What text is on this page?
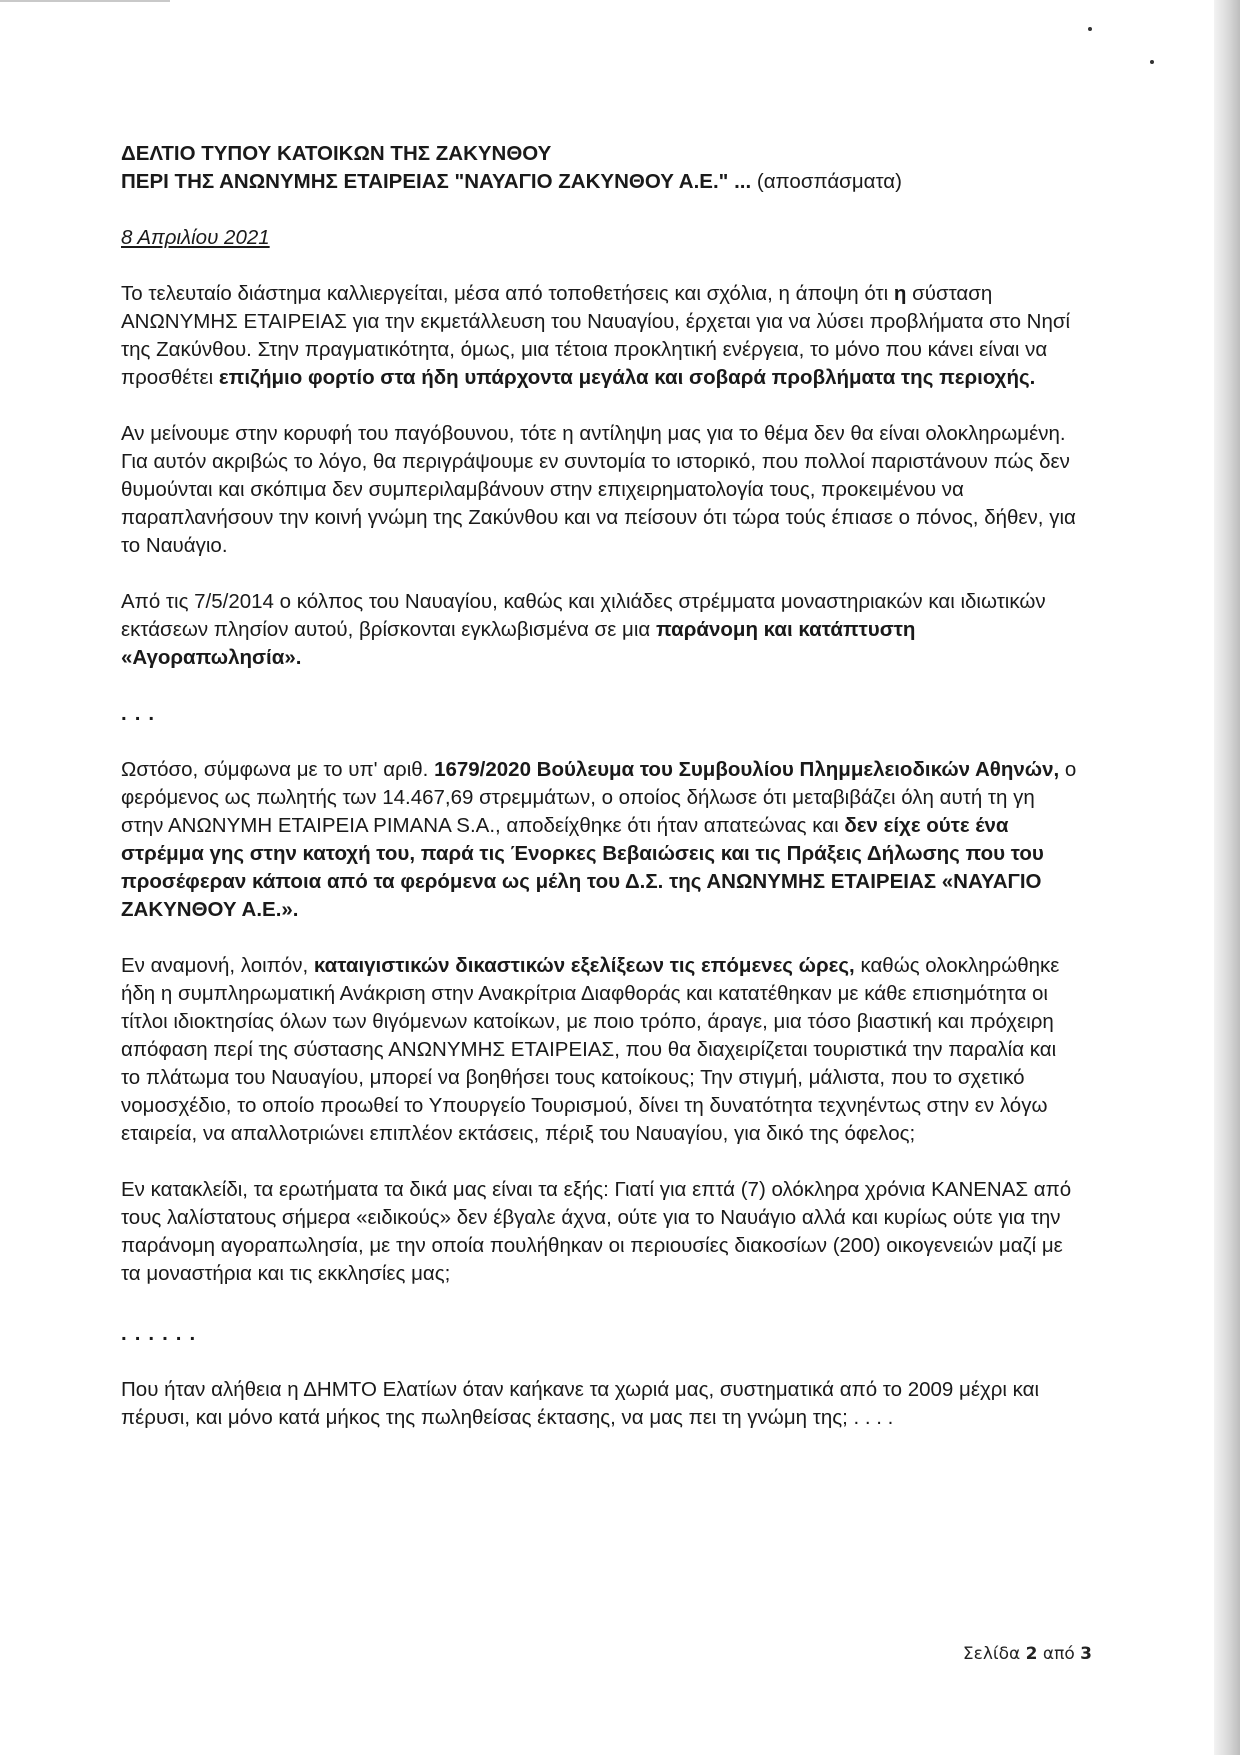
ΔΕΛΤΙΟ ΤΥΠΟΥ ΚΑΤΟΙΚΩΝ ΤΗΣ ΖΑΚΥΝΘΟΥ
ΠΕΡΙ ΤΗΣ ΑΝΩΝΥΜΗΣ ΕΤΑΙΡΕΙΑΣ "ΝΑΥΑΓΙΟ ΖΑΚΥΝΘΟΥ Α.Ε." ... (αποσπάσματα)
8 Απριλίου 2021

Το τελευταίο διάστημα καλλιεργείται, μέσα από τοποθετήσεις και σχόλια, η άποψη ότι η σύσταση ΑΝΩΝΥΜΗΣ ΕΤΑΙΡΕΙΑΣ για την εκμετάλλευση του Ναυαγίου, έρχεται για να λύσει προβλήματα στο Νησί της Ζακύνθου. Στην πραγματικότητα, όμως, μια τέτοια προκλητική ενέργεια, το μόνο που κάνει είναι να προσθέτει επιζήμιο φορτίο στα ήδη υπάρχοντα μεγάλα και σοβαρά προβλήματα της περιοχής.

Αν μείνουμε στην κορυφή του παγόβουνου, τότε η αντίληψη μας για το θέμα δεν θα είναι ολοκληρωμένη. Για αυτόν ακριβώς το λόγο, θα περιγράψουμε εν συντομία το ιστορικό, που πολλοί παριστάνουν πώς δεν θυμούνται και σκόπιμα δεν συμπεριλαμβάνουν στην επιχειρηματολογία τους, προκειμένου να παραπλανήσουν την κοινή γνώμη της Ζακύνθου και να πείσουν ότι τώρα τούς έπιασε ο πόνος, δήθεν, για το Ναυάγιο.

Από τις 7/5/2014 ο κόλπος του Ναυαγίου, καθώς και χιλιάδες στρέμματα μοναστηριακών και ιδιωτικών εκτάσεων πλησίον αυτού, βρίσκονται εγκλωβισμένα σε μια παράνομη και κατάπτυστη «Αγοραπωλησία».

...

Ωστόσο, σύμφωνα με το υπ' αριθ. 1679/2020 Βούλευμα του Συμβουλίου Πλημμελειοδικών Αθηνών, ο φερόμενος ως πωλητής των 14.467,69 στρεμμάτων, ο οποίος δήλωσε ότι μεταβιβάζει όλη αυτή τη γη στην ΑΝΩΝΥΜΗ ΕΤΑΙΡΕΙΑ ΡΙΜΑΝΑ S.A., αποδείχθηκε ότι ήταν απατεώνας και δεν είχε ούτε ένα στρέμμα γης στην κατοχή του, παρά τις Ένορκες Βεβαιώσεις και τις Πράξεις Δήλωσης που του προσέφεραν κάποια από τα φερόμενα ως μέλη του Δ.Σ. της ΑΝΩΝΥΜΗΣ ΕΤΑΙΡΕΙΑΣ «ΝΑΥΑΓΙΟ ΖΑΚΥΝΘΟΥ Α.Ε.».

Εν αναμονή, λοιπόν, καταιγιστικών δικαστικών εξελίξεων τις επόμενες ώρες, καθώς ολοκληρώθηκε ήδη η συμπληρωματική Ανάκριση στην Ανακρίτρια Διαφθοράς και κατατέθηκαν με κάθε επισημότητα οι τίτλοι ιδιοκτησίας όλων των θιγόμενων κατοίκων, με ποιο τρόπο, άραγε, μια τόσο βιαστική και πρόχειρη απόφαση περί της σύστασης ΑΝΩΝΥΜΗΣ ΕΤΑΙΡΕΙΑΣ, που θα διαχειρίζεται τουριστικά την παραλία και το πλάτωμα του Ναυαγίου, μπορεί να βοηθήσει τους κατοίκους; Την στιγμή, μάλιστα, που το σχετικό νομοσχέδιο, το οποίο προωθεί το Υπουργείο Τουρισμού, δίνει τη δυνατότητα τεχνηέντως στην εν λόγω εταιρεία, να απαλλοτριώνει επιπλέον εκτάσεις, πέριξ του Ναυαγίου, για δικό της όφελος;

Εν κατακλείδι, τα ερωτήματα τα δικά μας είναι τα εξής: Γιατί για επτά (7) ολόκληρα χρόνια ΚΑΝΕΝΑΣ από τους λαλίστατους σήμερα «ειδικούς» δεν έβγαλε άχνα, ούτε για το Ναυάγιο αλλά και κυρίως ούτε για την παράνομη αγοραπωλησία, με την οποία πουλήθηκαν οι περιουσίες διακοσίων (200) οικογενειών μαζί με τα μοναστήρια και τις εκκλησίες μας;

......

Που ήταν αλήθεια η ΔΗΜΤΟ Ελατίων όταν καήκανε τα χωριά μας, συστηματικά από το 2009 μέχρι και πέρυσι, και μόνο κατά μήκος της πωληθείσας έκτασης, να μας πει τη γνώμη της; . . . .

Σελίδα 2 από 3
